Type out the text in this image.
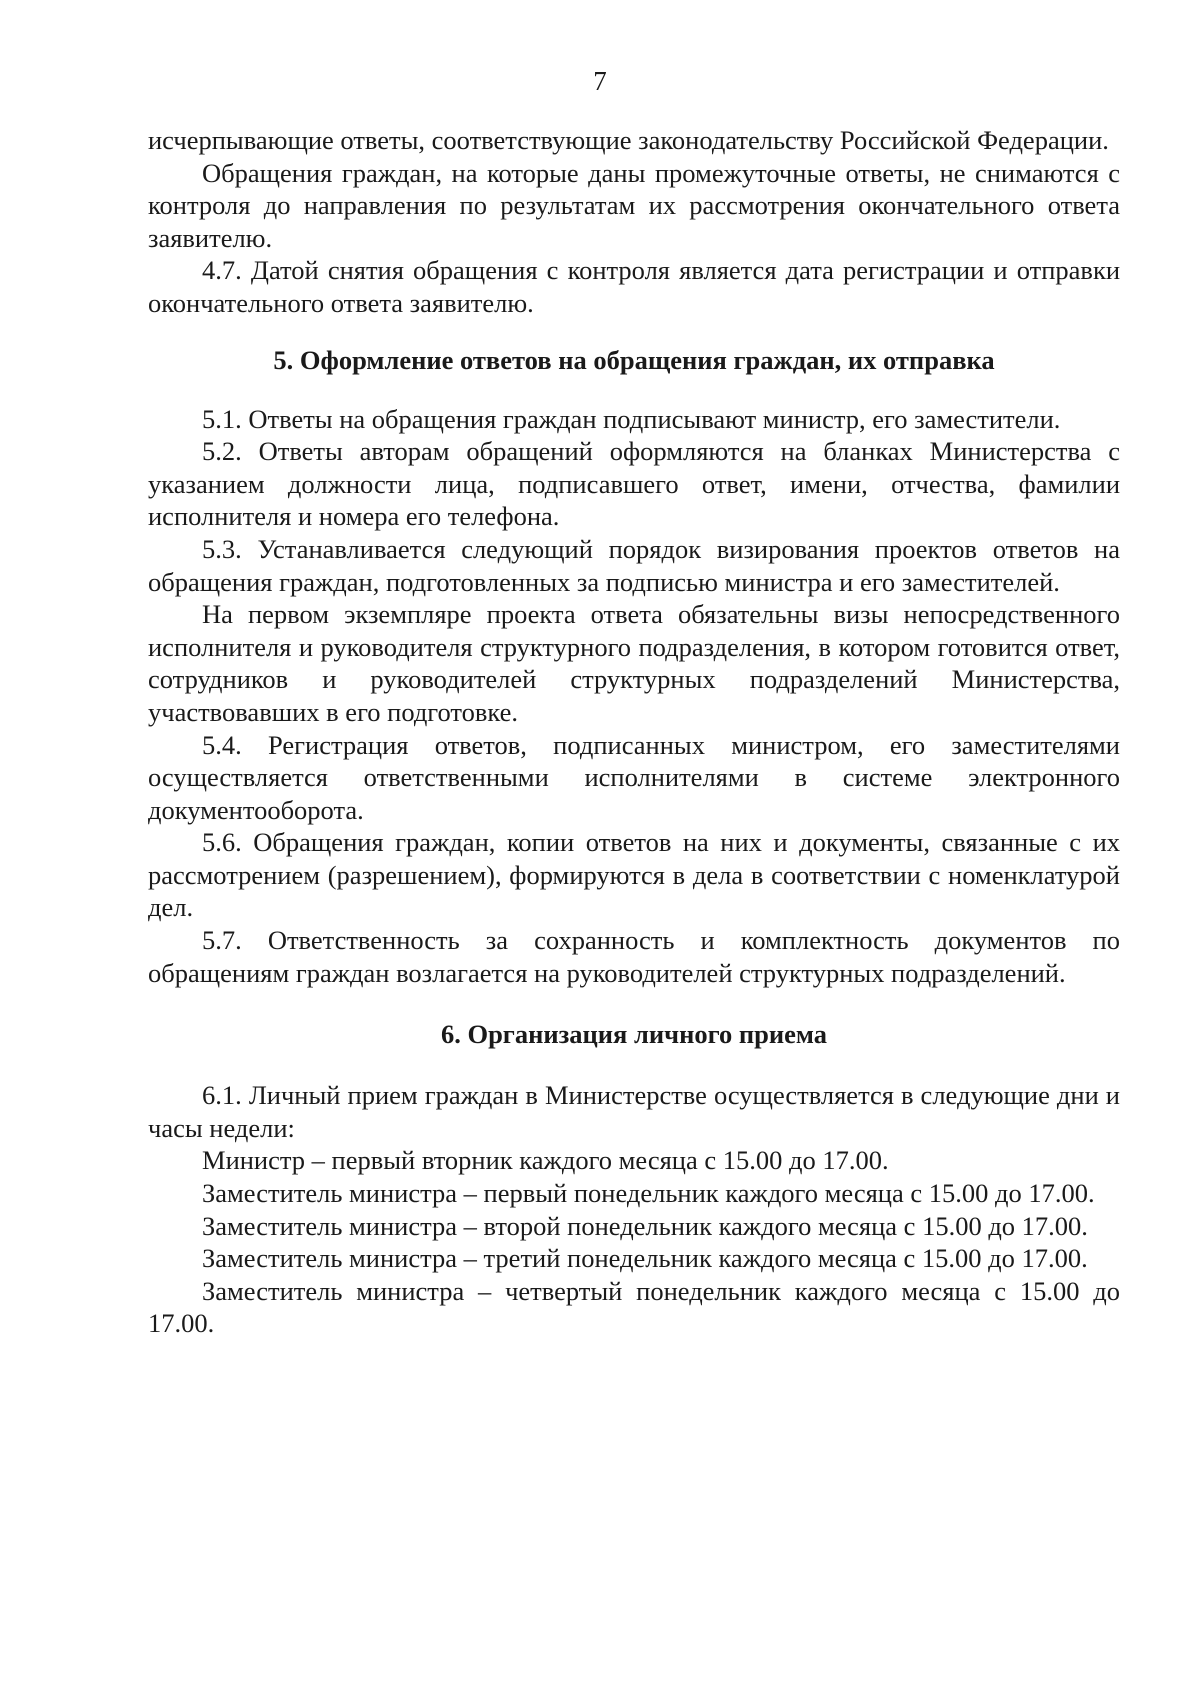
7

исчерпывающие ответы, соответствующие законодательству Российской Федерации.

Обращения граждан, на которые даны промежуточные ответы, не снимаются с контроля до направления по результатам их рассмотрения окончательного ответа заявителю.

4.7. Датой снятия обращения с контроля является дата регистрации и отправки окончательного ответа заявителю.

5. Оформление ответов на обращения граждан, их отправка

5.1. Ответы на обращения граждан подписывают министр, его заместители.

5.2. Ответы авторам обращений оформляются на бланках Министерства с указанием должности лица, подписавшего ответ, имени, отчества, фамилии исполнителя и номера его телефона.

5.3. Устанавливается следующий порядок визирования проектов ответов на обращения граждан, подготовленных за подписью министра и его заместителей.

На первом экземпляре проекта ответа обязательны визы непосредственного исполнителя и руководителя структурного подразделения, в котором готовится ответ, сотрудников и руководителей структурных подразделений Министерства, участвовавших в его подготовке.

5.4. Регистрация ответов, подписанных министром, его заместителями осуществляется ответственными исполнителями в системе электронного документооборота.

5.6. Обращения граждан, копии ответов на них и документы, связанные с их рассмотрением (разрешением), формируются в дела в соответствии с номенклатурой дел.

5.7. Ответственность за сохранность и комплектность документов по обращениям граждан возлагается на руководителей структурных подразделений.

6. Организация личного приема

6.1. Личный прием граждан в Министерстве осуществляется в следующие дни и часы недели:

Министр – первый вторник каждого месяца с 15.00 до 17.00.

Заместитель министра – первый понедельник каждого месяца с 15.00 до 17.00.

Заместитель министра – второй понедельник каждого месяца с 15.00 до 17.00.

Заместитель министра – третий понедельник каждого месяца с 15.00 до 17.00.

Заместитель министра – четвертый понедельник каждого месяца с 15.00 до 17.00.
